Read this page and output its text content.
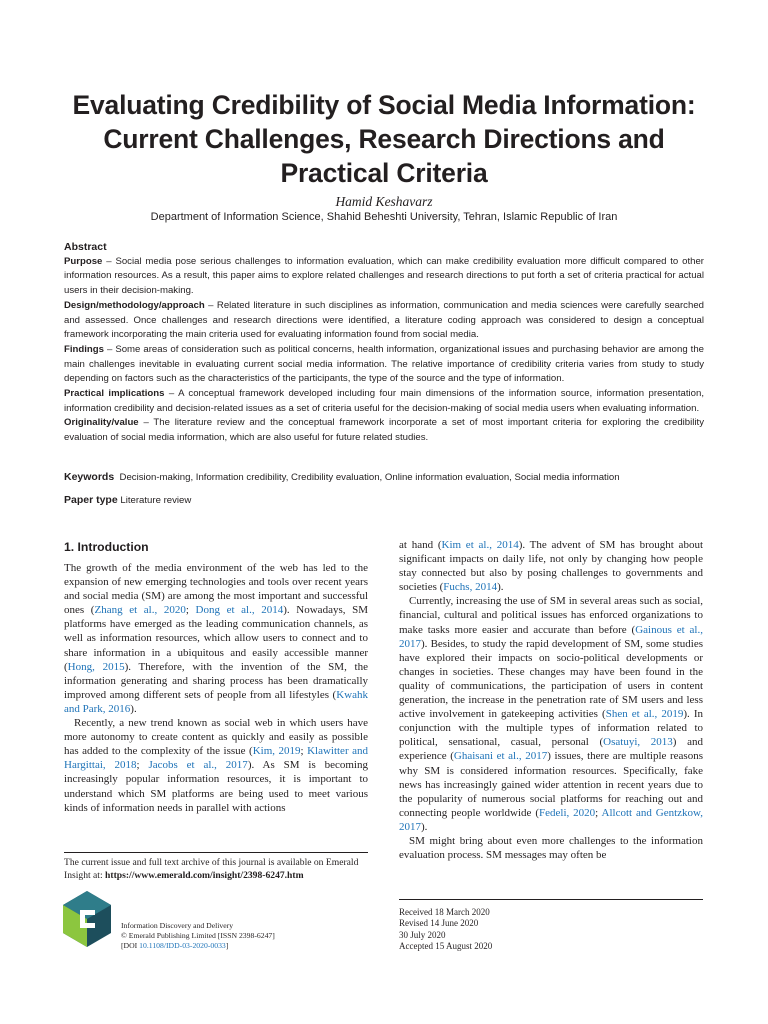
Evaluating Credibility of Social Media Information: Current Challenges, Research Directions and Practical Criteria
Hamid Keshavarz
Department of Information Science, Shahid Beheshti University, Tehran, Islamic Republic of Iran
Abstract

Purpose – Social media pose serious challenges to information evaluation, which can make credibility evaluation more difficult compared to other information resources. As a result, this paper aims to explore related challenges and research directions to put forth a set of criteria practical for actual users in their decision-making.

Design/methodology/approach – Related literature in such disciplines as information, communication and media sciences were carefully searched and assessed. Once challenges and research directions were identified, a literature coding approach was considered to design a conceptual framework incorporating the main criteria used for evaluating information found from social media.

Findings – Some areas of consideration such as political concerns, health information, organizational issues and purchasing behavior are among the main challenges inevitable in evaluating current social media information. The relative importance of credibility criteria varies from study to study depending on factors such as the characteristics of the participants, the type of the source and the type of information.

Practical implications – A conceptual framework developed including four main dimensions of the information source, information presentation, information credibility and decision-related issues as a set of criteria useful for the decision-making of social media users when evaluating information.

Originality/value – The literature review and the conceptual framework incorporate a set of most important criteria for exploring the credibility evaluation of social media information, which are also useful for future related studies.

Keywords Decision-making, Information credibility, Credibility evaluation, Online information evaluation, Social media information
Paper type Literature review
1. Introduction

The growth of the media environment of the web has led to the expansion of new emerging technologies and tools over recent years and social media (SM) are among the most important and successful ones (Zhang et al., 2020; Dong et al., 2014). Nowadays, SM platforms have emerged as the leading communication channels, as well as information resources, which allow users to connect and to share information in a ubiquitous and easily accessible manner (Hong, 2015). Therefore, with the invention of the SM, the information generating and sharing process has been dramatically improved among different sets of people from all lifestyles (Kwahk and Park, 2016).

Recently, a new trend known as social web in which users have more autonomy to create content as quickly and easily as possible has added to the complexity of the issue (Kim, 2019; Klawitter and Hargittai, 2018; Jacobs et al., 2017). As SM is becoming increasingly popular information resources, it is important to understand which SM platforms are being used to meet various kinds of information needs in parallel with actions

at hand (Kim et al., 2014). The advent of SM has brought about significant impacts on daily life, not only by changing how people stay connected but also by posing challenges to governments and societies (Fuchs, 2014).

Currently, increasing the use of SM in several areas such as social, financial, cultural and political issues has enforced organizations to make tasks more easier and accurate than before (Gainous et al., 2017). Besides, to study the rapid development of SM, some studies have explored their impacts on socio-political developments or changes in societies. These changes may have been found in the quality of communications, the participation of users in content generation, the increase in the penetration rate of SM users and less active involvement in gatekeeping activities (Shen et al., 2019). In conjunction with the multiple types of information related to political, sensational, casual, personal (Osatuyi, 2013) and experience (Ghaisani et al., 2017) issues, there are multiple reasons why SM is considered information resources. Specifically, fake news has increasingly gained wider attention in recent years due to the popularity of numerous social platforms for reaching out and connecting people worldwide (Fedeli, 2020; Allcott and Gentzkow, 2017).

SM might bring about even more challenges to the information evaluation process. SM messages may often be

The current issue and full text archive of this journal is available on Emerald Insight at: https://www.emerald.com/insight/2398-6247.htm
Information Discovery and Delivery
© Emerald Publishing Limited [ISSN 2398-6247]
[DOI 10.1108/IDD-03-2020-0033]
Received 18 March 2020
Revised 14 June 2020
30 July 2020
Accepted 15 August 2020
